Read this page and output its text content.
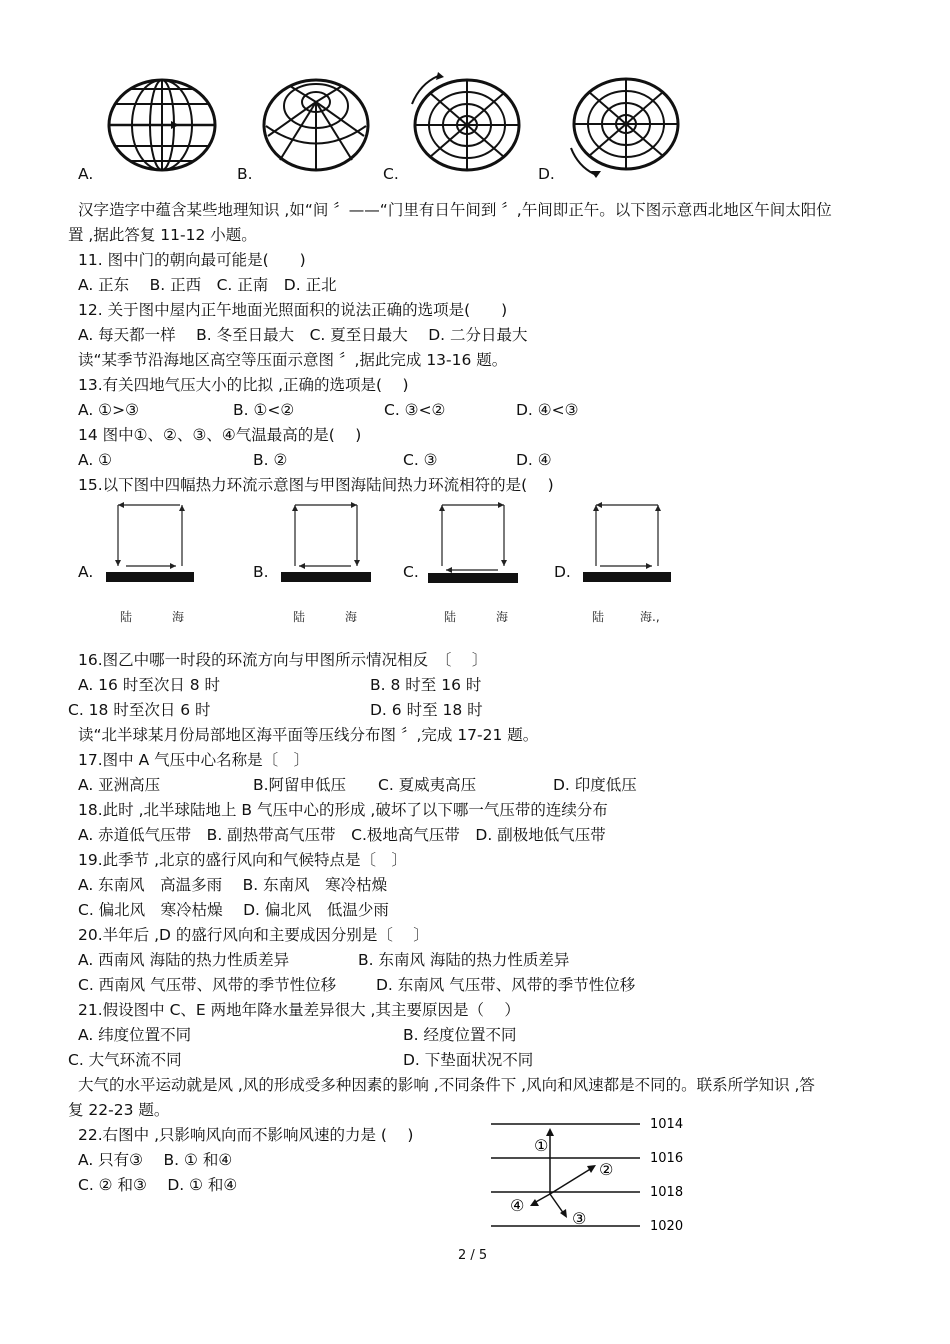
A.	B.	C.	D.
汉字造字中蕴含某些地理知识 ,如“间 〞——“门里有日午间到 〞,午间即正午。以下图示意西北地区午间太阳位
置 ,据此答复 11-12 小题。
11. 图中门的朝向最可能是(　　)
A. 正东　 B. 正西　C. 正南　D. 正北
12. 关于图中屋内正午地面光照面积的说法正确的选项是(　　)
A. 每天都一样　 B. 冬至日最大　C. 夏至日最大　 D. 二分日最大
读“某季节沿海地区高空等压面示意图 〞,据此完成 13-16 题。
13.有关四地气压大小的比拟 ,正确的选项是(　 )
A. ①>③	B. ①<②	C. ③<②	D. ④<③
14 图中①、②、③、④气温最高的是(　 )
A. ①	B. ②	C. ③	D. ④
15.以下图中四幅热力环流示意图与甲图海陆间热力环流相符的是(　 )
A.
陆	海
B.
陆	海
C.
陆	海
D.
陆	海.,
16.图乙中哪一时段的环流方向与甲图所示情况相反　〔　 〕
A. 16 时至次日 8 时	B. 8 时至 16 时
C. 18 时至次日 6 时	D. 6 时至 18 时
读“北半球某月份局部地区海平面等压线分布图 〞,完成 17-21 题。
17.图中 A 气压中心名称是〔　〕
A. 亚洲高压	B.阿留申低压 C. 夏威夷高压	D. 印度低压
18.此时 ,北半球陆地上 B 气压中心的形成 ,破坏了以下哪一气压带的连续分布
A. 赤道低气压带　B. 副热带高气压带　C.极地高气压带　D. 副极地低气压带
19.此季节 ,北京的盛行风向和气候特点是〔　〕
A. 东南风　高温多雨　 B. 东南风　寒冷枯燥
C. 偏北风　寒冷枯燥　 D. 偏北风　低温少雨
20.半年后 ,D 的盛行风向和主要成因分别是〔　 〕
A. 西南风 海陆的热力性质差异	B. 东南风 海陆的热力性质差异
C. 西南风 气压带、风带的季节性位移	D. 东南风 气压带、风带的季节性位移
21.假设图中 C、E 两地年降水量差异很大 ,其主要原因是（　 ）
A. 纬度位置不同	B. 经度位置不同
C. 大气环流不同	D. 下垫面状况不同
大气的水平运动就是风 ,风的形成受多种因素的影响 ,不同条件下 ,风向和风速都是不同的。联系所学知识 ,答
复 22-23 题。
22.右图中 ,只影响风向而不影响风速的力是 (　 )
A. 只有③　 B. ① 和④
C. ② 和③　 D. ① 和④
①
②
③
④
1014
1016
1018
1020
2 / 5
